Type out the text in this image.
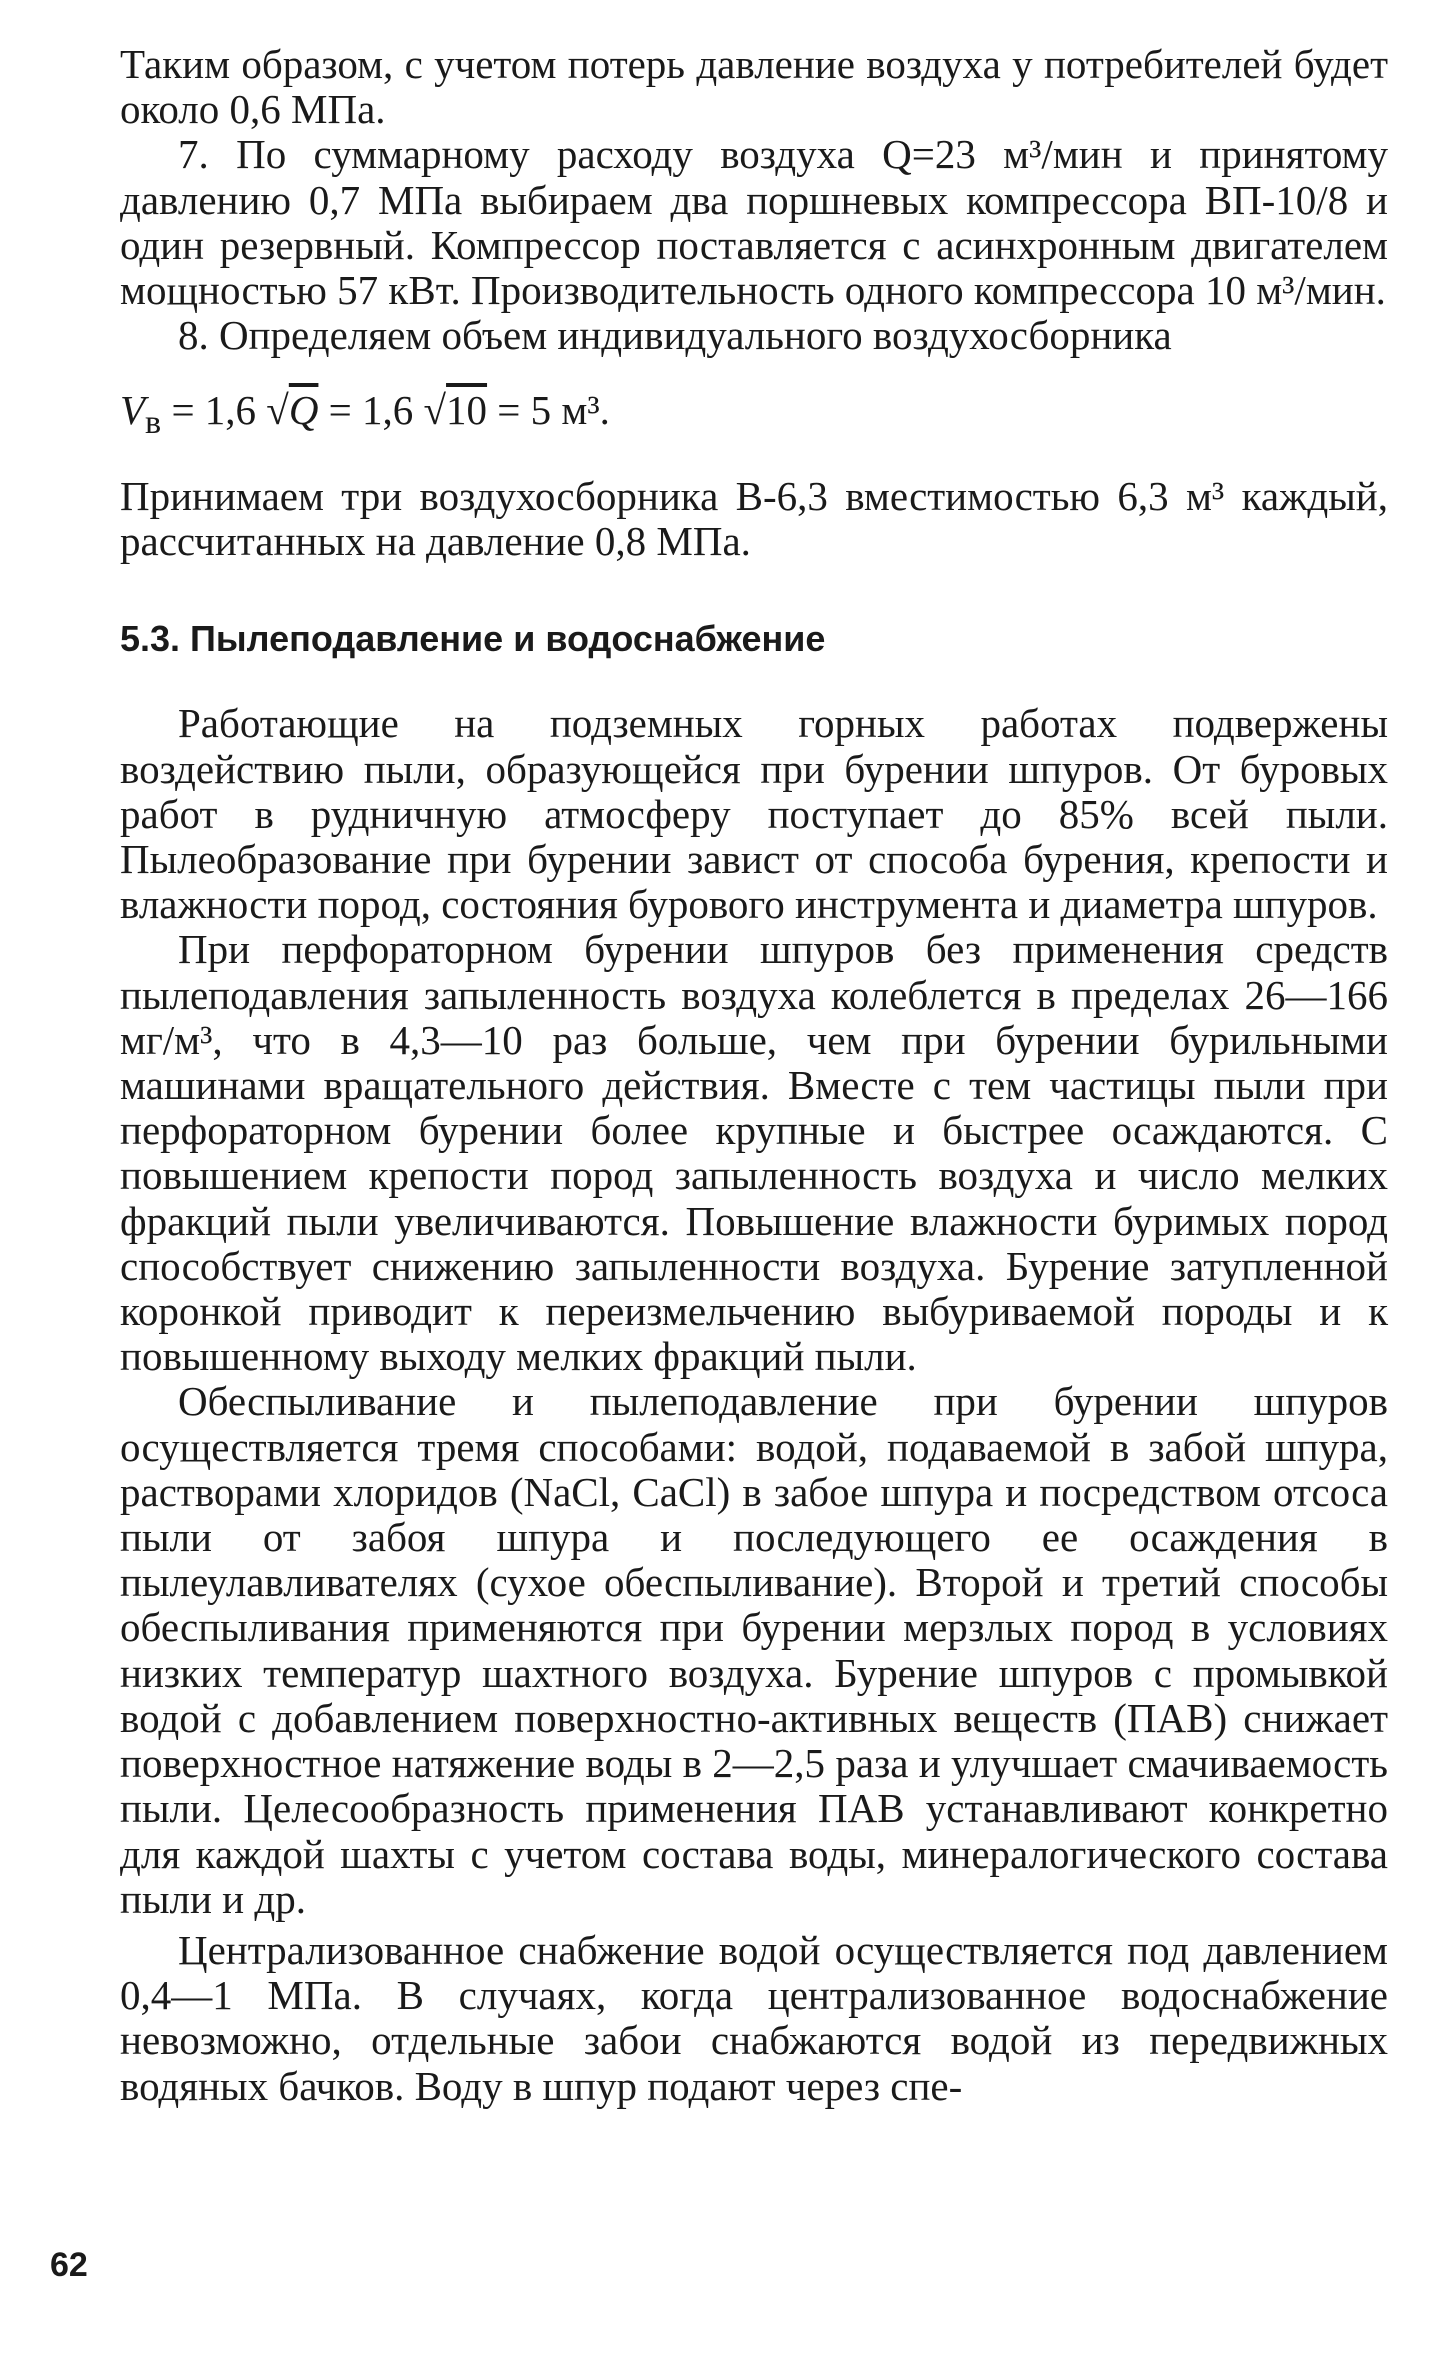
Таким образом, с учетом потерь давление воздуха у потребителей будет около 0,6 МПа.

7. По суммарному расходу воздуха Q=23 м³/мин и принятому давлению 0,7 МПа выбираем два поршневых компрессора ВП-10/8 и один резервный. Компрессор поставляется с асинхронным двигателем мощностью 57 кВт. Производительность одного компрессора 10 м³/мин.

8. Определяем объем индивидуального воздухосборника

$V_в = 1,6$ √Q = 1,6 √10 = 5 м³.

Принимаем три воздухосборника В-6,3 вместимостью 6,3 м³ каждый, рассчитанных на давление 0,8 МПа.

5.3. Пылеподавление и водоснабжение

Работающие на подземных горных работах подвержены воздействию пыли, образующейся при бурении шпуров. От буровых работ в рудничную атмосферу поступает до 85% всей пыли. Пылеобразование при бурении завист от способа бурения, крепости и влажности пород, состояния бурового инструмента и диаметра шпуров.

При перфораторном бурении шпуров без применения средств пылеподавления запыленность воздуха колеблется в пределах 26—166 мг/м³, что в 4,3—10 раз больше, чем при бурении бурильными машинами вращательного действия. Вместе с тем частицы пыли при перфораторном бурении более крупные и быстрее осаждаются. С повышением крепости пород запыленность воздуха и число мелких фракций пыли увеличиваются. Повышение влажности буримых пород способствует снижению запыленности воздуха. Бурение затупленной коронкой приводит к переизмельчению выбуриваемой породы и к повышенному выходу мелких фракций пыли.

Обеспыливание и пылеподавление при бурении шпуров осуществляется тремя способами: водой, подаваемой в забой шпура, растворами хлоридов (NaCl, CaCl) в забое шпура и посредством отсоса пыли от забоя шпура и последующего ее осаждения в пылеулавливателях (сухое обеспыливание). Второй и третий способы обеспыливания применяются при бурении мерзлых пород в условиях низких температур шахтного воздуха. Бурение шпуров с промывкой водой с добавлением поверхностно-активных веществ (ПАВ) снижает поверхностное натяжение воды в 2—2,5 раза и улучшает смачиваемость пыли. Целесообразность применения ПАВ устанавливают конкретно для каждой шахты с учетом состава воды, минералогического состава пыли и др.

Централизованное снабжение водой осуществляется под давлением 0,4—1 МПа. В случаях, когда централизованное водоснабжение невозможно, отдельные забои снабжаются водой из передвижных водяных бачков. Воду в шпур подают через спе-

62
